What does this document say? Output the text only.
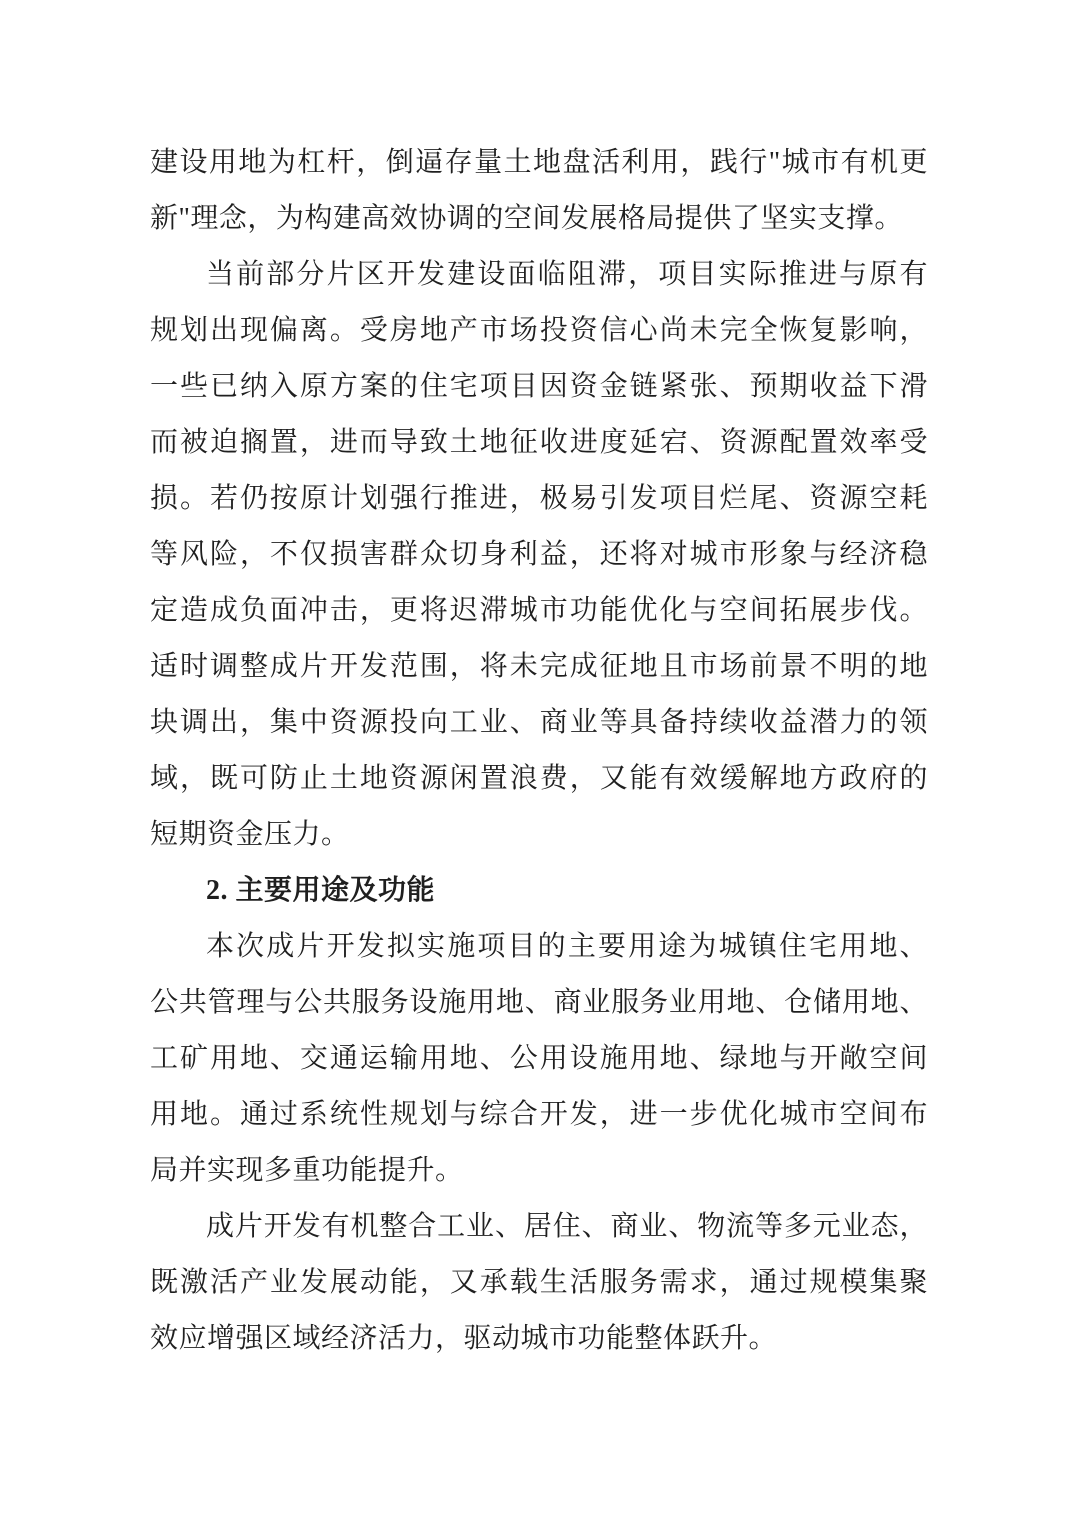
建设用地为杠杆，倒逼存量土地盘活利用，践行"城市有机更
新"理念，为构建高效协调的空间发展格局提供了坚实支撑。
当前部分片区开发建设面临阻滞，项目实际推进与原有
规划出现偏离。受房地产市场投资信心尚未完全恢复影响，
一些已纳入原方案的住宅项目因资金链紧张、预期收益下滑
而被迫搁置，进而导致土地征收进度延宕、资源配置效率受
损。若仍按原计划强行推进，极易引发项目烂尾、资源空耗
等风险，不仅损害群众切身利益，还将对城市形象与经济稳
定造成负面冲击，更将迟滞城市功能优化与空间拓展步伐。
适时调整成片开发范围，将未完成征地且市场前景不明的地
块调出，集中资源投向工业、商业等具备持续收益潜力的领
域，既可防止土地资源闲置浪费，又能有效缓解地方政府的
短期资金压力。
2. 主要用途及功能
本次成片开发拟实施项目的主要用途为城镇住宅用地、
公共管理与公共服务设施用地、商业服务业用地、仓储用地、
工矿用地、交通运输用地、公用设施用地、绿地与开敞空间
用地。通过系统性规划与综合开发，进一步优化城市空间布
局并实现多重功能提升。
成片开发有机整合工业、居住、商业、物流等多元业态，
既激活产业发展动能，又承载生活服务需求，通过规模集聚
效应增强区域经济活力，驱动城市功能整体跃升。
